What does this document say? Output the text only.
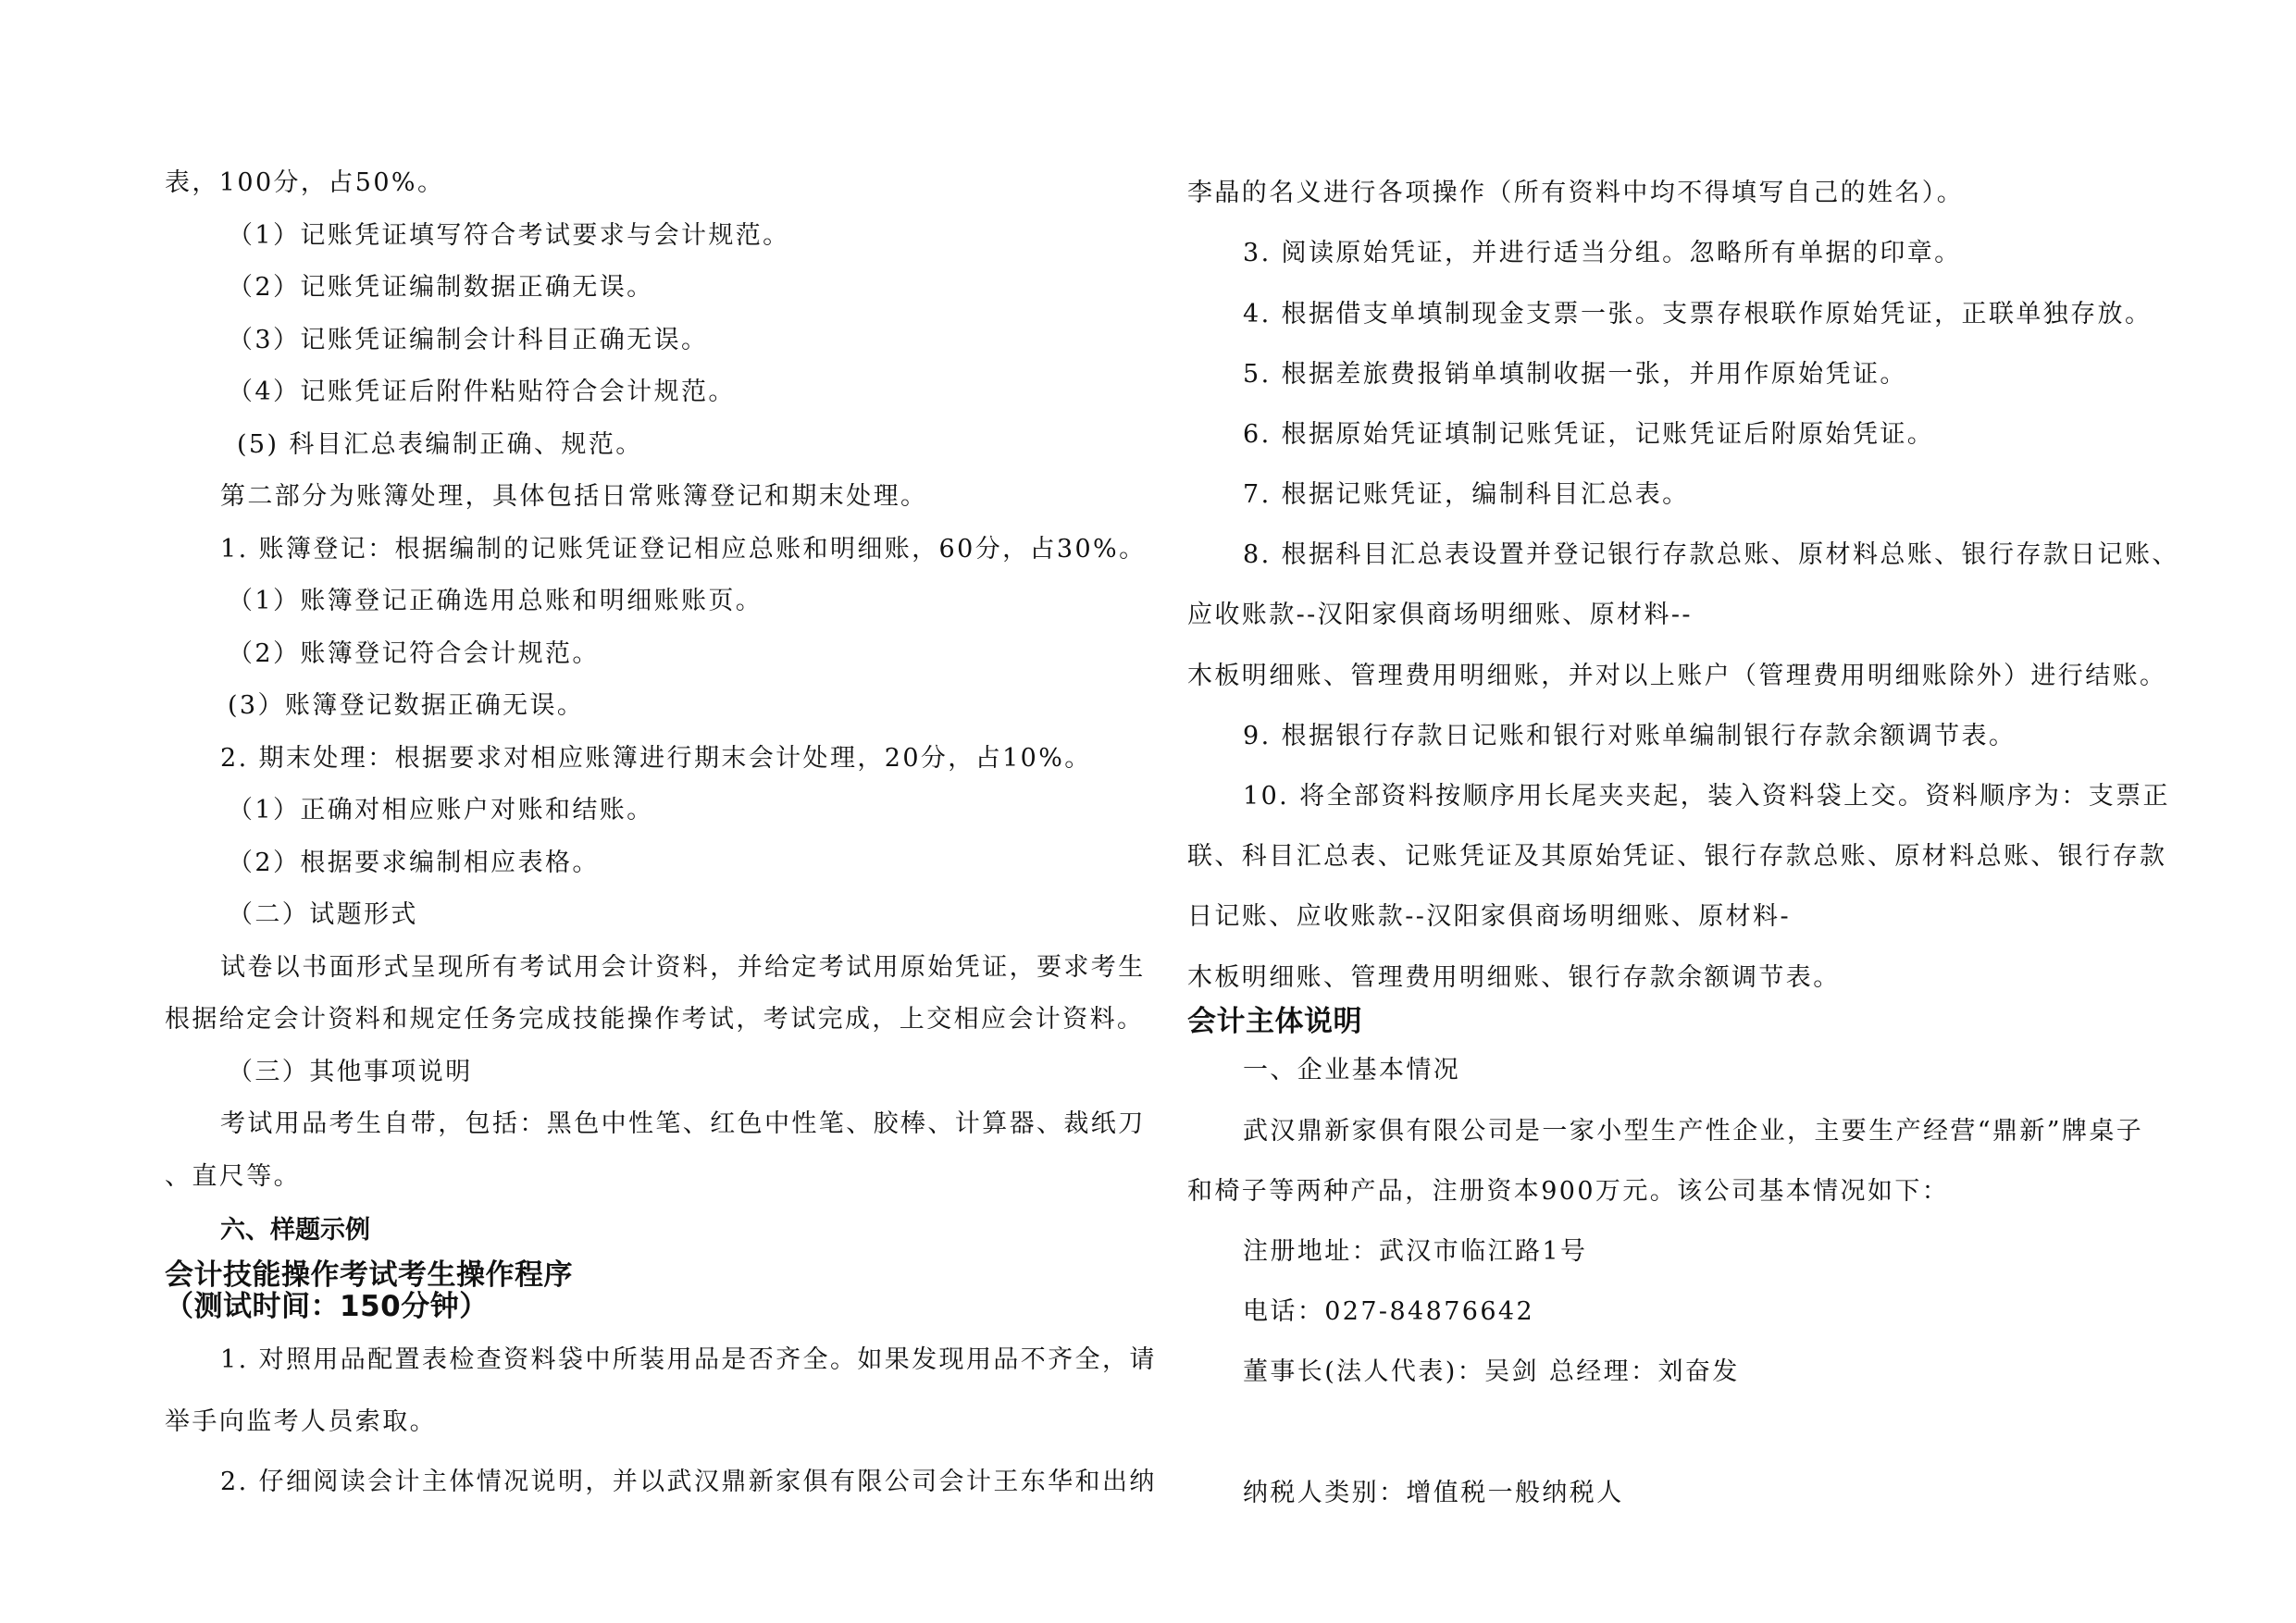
表，100分，占50%。
（1）记账凭证填写符合考试要求与会计规范。
（2）记账凭证编制数据正确无误。
（3）记账凭证编制会计科目正确无误。
（4）记账凭证后附件粘贴符合会计规范。
(5) 科目汇总表编制正确、规范。
第二部分为账簿处理，具体包括日常账簿登记和期末处理。
1. 账簿登记：根据编制的记账凭证登记相应总账和明细账，60分，占30%。
（1）账簿登记正确选用总账和明细账账页。
（2）账簿登记符合会计规范。
(3）账簿登记数据正确无误。
2. 期末处理：根据要求对相应账簿进行期末会计处理，20分，占10%。
（1）正确对相应账户对账和结账。
（2）根据要求编制相应表格。
（二）试题形式
试卷以书面形式呈现所有考试用会计资料，并给定考试用原始凭证，要求考生
根据给定会计资料和规定任务完成技能操作考试，考试完成，上交相应会计资料。
（三）其他事项说明
考试用品考生自带，包括：黑色中性笔、红色中性笔、胶棒、计算器、裁纸刀
、直尺等。
六、样题示例
会计技能操作考试考生操作程序
（测试时间：150分钟）
1. 对照用品配置表检查资料袋中所装用品是否齐全。如果发现用品不齐全，请
举手向监考人员索取。
2. 仔细阅读会计主体情况说明，并以武汉鼎新家俱有限公司会计王东华和出纳
李晶的名义进行各项操作（所有资料中均不得填写自己的姓名）。
3. 阅读原始凭证，并进行适当分组。忽略所有单据的印章。
4. 根据借支单填制现金支票一张。支票存根联作原始凭证，正联单独存放。
5. 根据差旅费报销单填制收据一张，并用作原始凭证。
6. 根据原始凭证填制记账凭证，记账凭证后附原始凭证。
7. 根据记账凭证，编制科目汇总表。
8. 根据科目汇总表设置并登记银行存款总账、原材料总账、银行存款日记账、
应收账款--汉阳家俱商场明细账、原材料--
木板明细账、管理费用明细账，并对以上账户（管理费用明细账除外）进行结账。
9. 根据银行存款日记账和银行对账单编制银行存款余额调节表。
10. 将全部资料按顺序用长尾夹夹起，装入资料袋上交。资料顺序为：支票正
联、科目汇总表、记账凭证及其原始凭证、银行存款总账、原材料总账、银行存款
日记账、应收账款--汉阳家俱商场明细账、原材料-
木板明细账、管理费用明细账、银行存款余额调节表。
会计主体说明
一、企业基本情况
武汉鼎新家俱有限公司是一家小型生产性企业，主要生产经营“鼎新”牌桌子
和椅子等两种产品，注册资本900万元。该公司基本情况如下：
注册地址：武汉市临江路1号
电话：027-84876642
董事长(法人代表)：吴剑 总经理：刘奋发
纳税人类别：增值税一般纳税人
